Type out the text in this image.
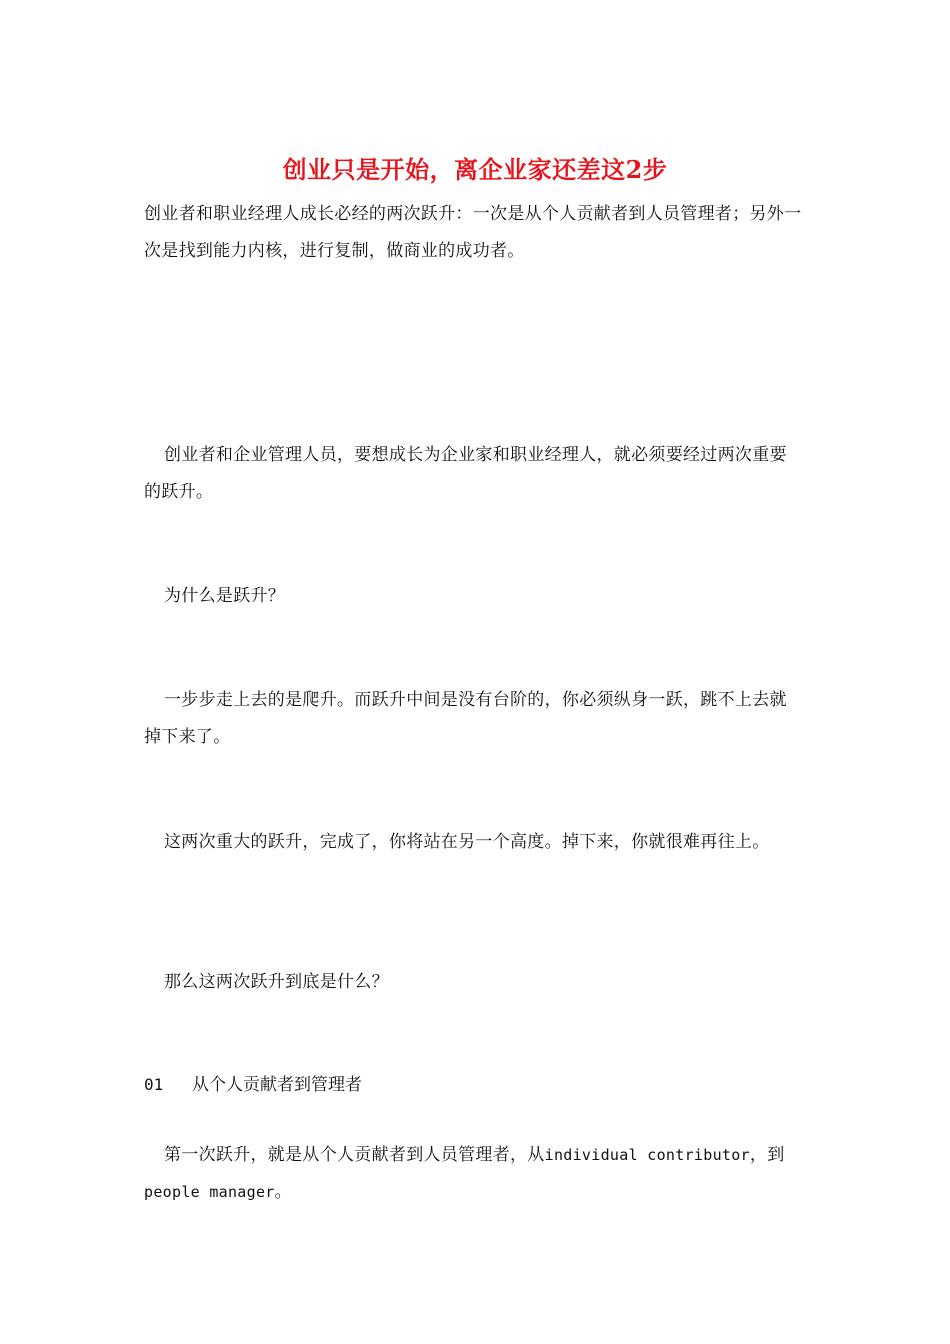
创业只是开始，离企业家还差这2步
创业者和职业经理人成长必经的两次跃升：一次是从个人贡献者到人员管理者；另外一次是找到能力内核，进行复制，做商业的成功者。
创业者和企业管理人员，要想成长为企业家和职业经理人，就必须要经过两次重要的跃升。
为什么是跃升？
一步步走上去的是爬升。而跃升中间是没有台阶的，你必须纵身一跃，跳不上去就掉下来了。
这两次重大的跃升，完成了，你将站在另一个高度。掉下来，你就很难再往上。
那么这两次跃升到底是什么？
01	从个人贡献者到管理者
第一次跃升，就是从个人贡献者到人员管理者，从individual contributor，到people manager。
